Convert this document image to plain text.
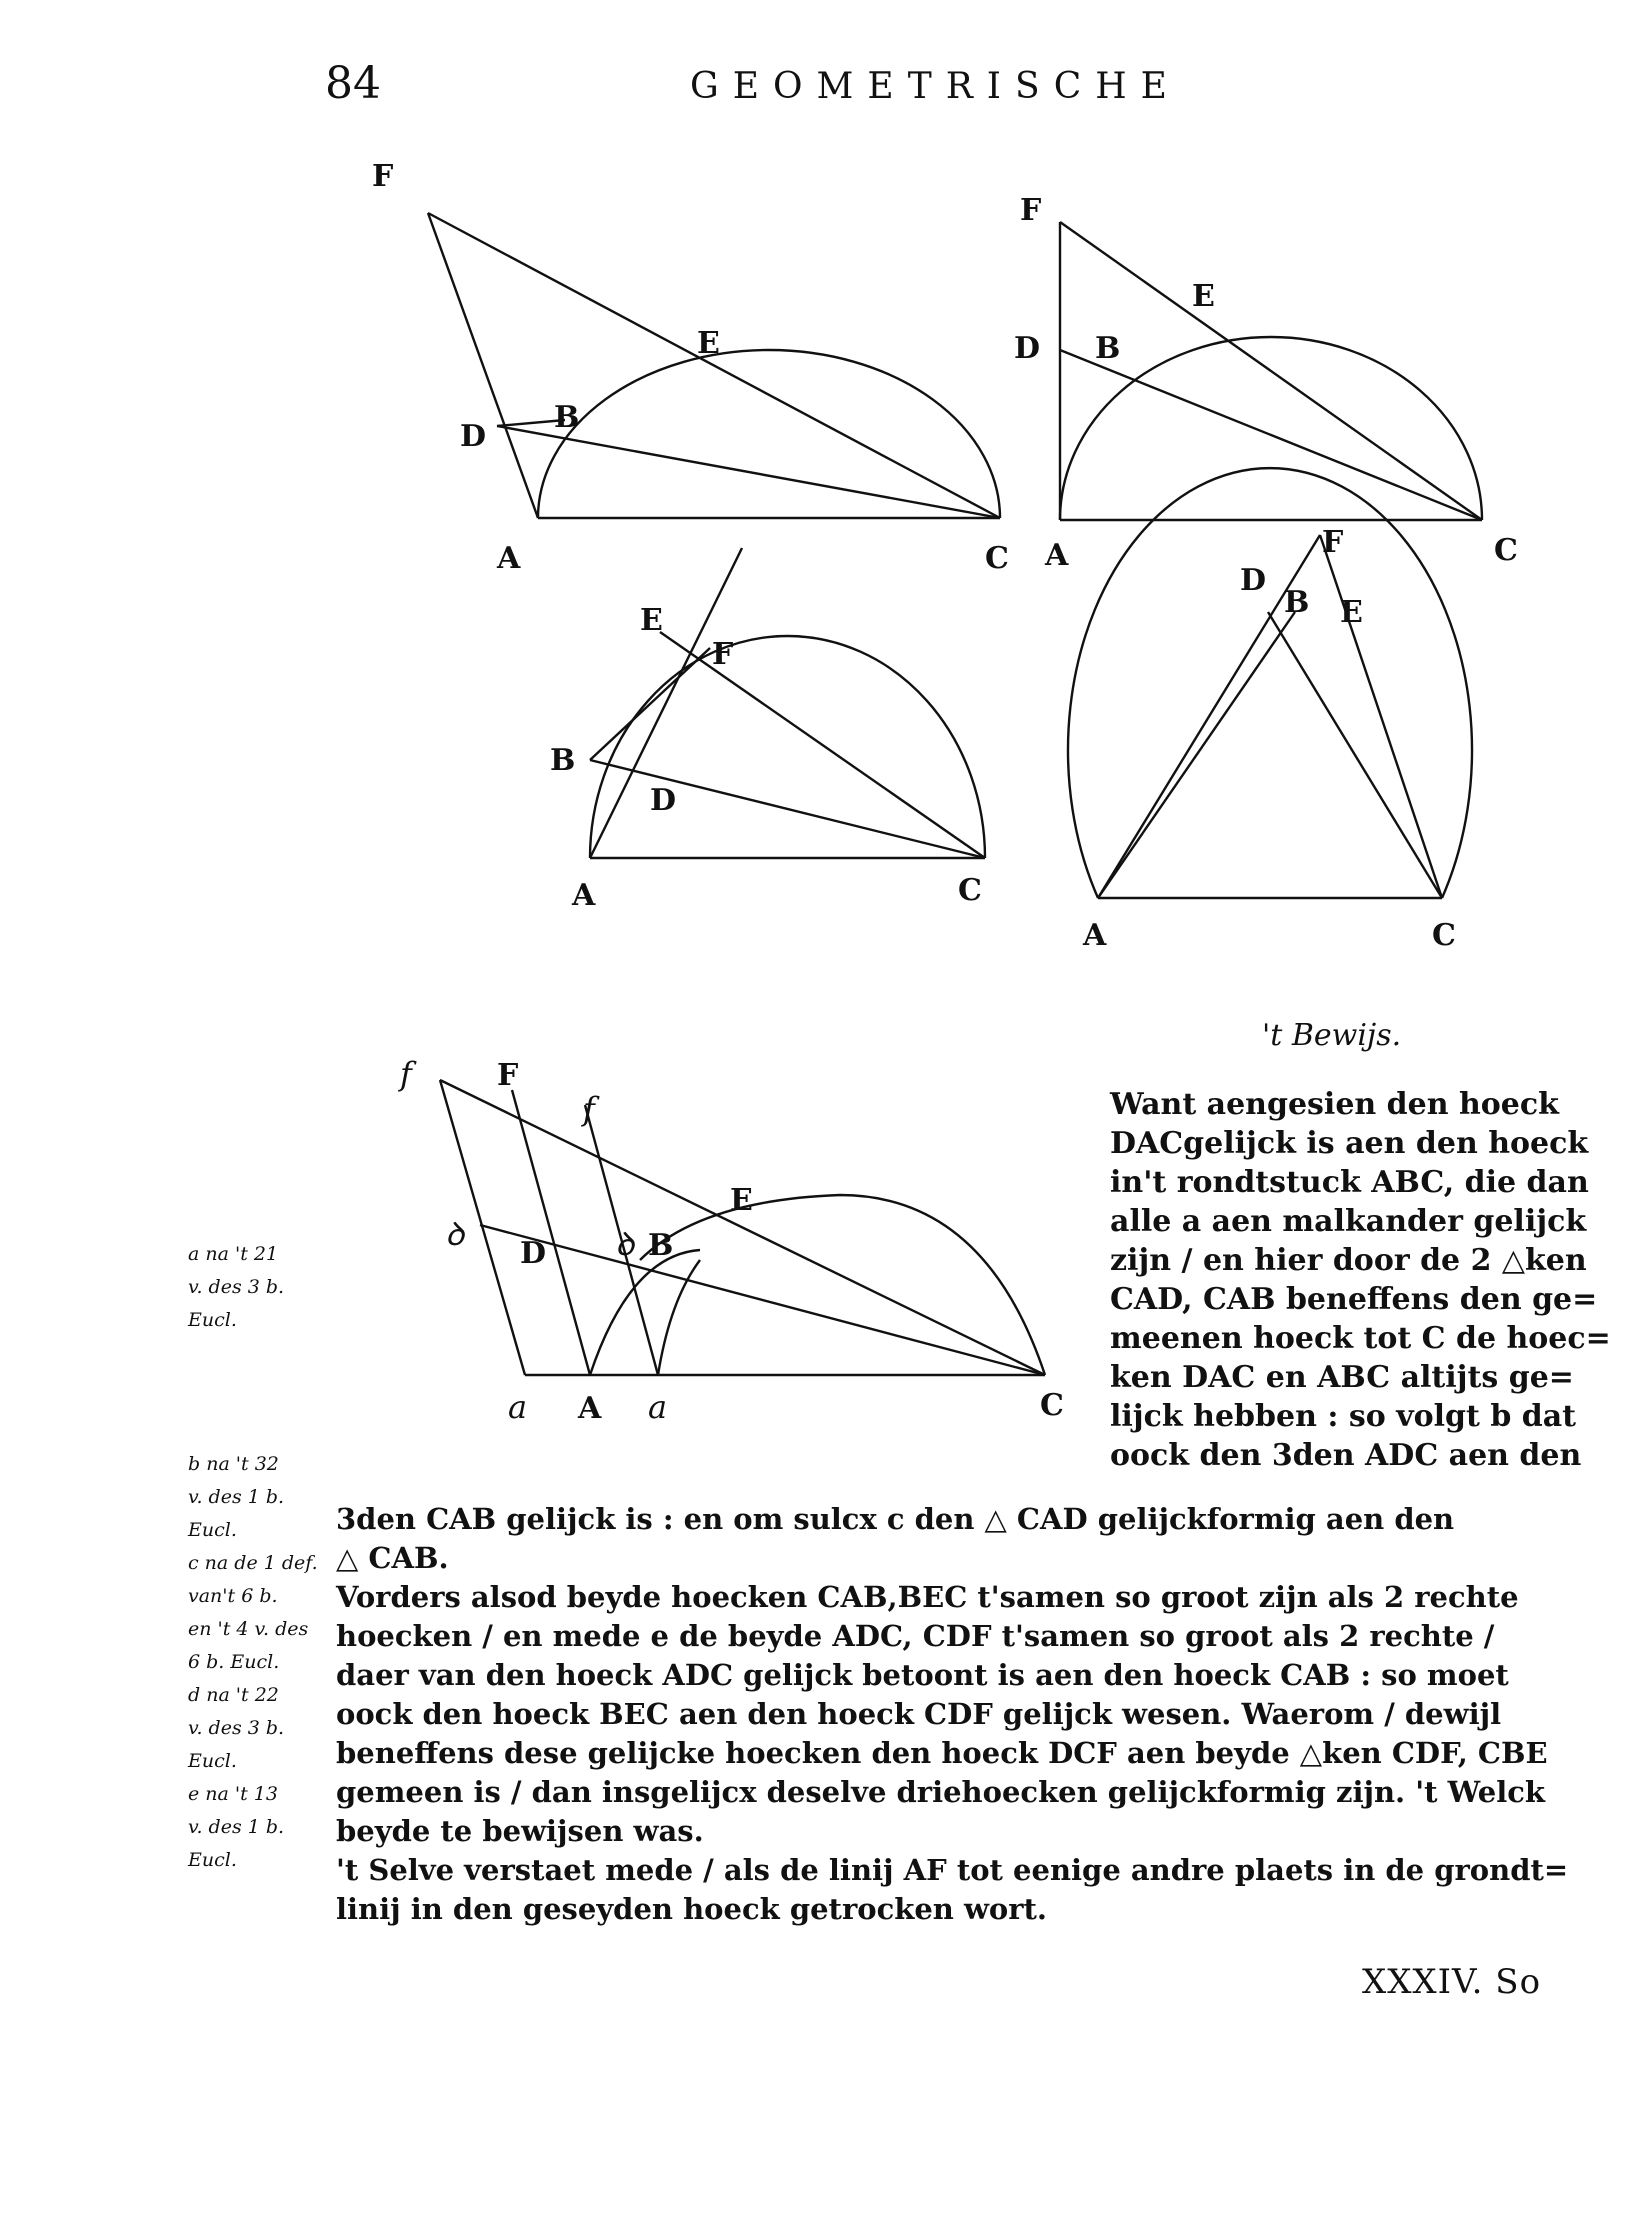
84	GEOMETRISCHE
F
E
D
B
A	C
F
E
D B
A	C
E
F
B
D
A	C
F
D
B E
A	C
f	F
f
E
ꝺ
D ꝺ B
a A a	C
't Bewijs.
Want aengesien den hoeck
DACgelijck is aen den hoeck
in't rondtstuck ABC, die dan
alle a aen malkander gelijck
zijn / en hier door de 2 △ken
CAD, CAB beneffens den ge=
meenen hoeck tot C de hoec=
ken DAC en ABC altijts ge=
lijck hebben : so volgt b dat
oock den 3den ADC aen den
3den CAB gelijck is : en om sulcx c den △ CAD gelijckformig aen den
△ CAB.
Vorders alsod beyde hoecken CAB,BEC t'samen so groot zijn als 2 rechte
hoecken / en mede e de beyde ADC, CDF t'samen so groot als 2 rechte /
daer van den hoeck ADC gelijck betoont is aen den hoeck CAB : so moet
oock den hoeck BEC aen den hoeck CDF gelijck wesen. Waerom / dewijl
beneffens dese gelijcke hoecken den hoeck DCF aen beyde △ken CDF, CBE
gemeen is / dan insgelijcx deselve driehoecken gelijckformig zijn. 't Welck
beyde te bewijsen was.
't Selve verstaet mede / als de linij AF tot eenige andre plaets in de grondt=
linij in den geseyden hoeck getrocken wort.
a na 't 21
v. des 3 b.
Eucl.
b na 't 32
v. des 1 b.
Eucl.
c na de 1 def.
van't 6 b.
en 't 4 v. des
6 b. Eucl.
d na 't 22
v. des 3 b.
Eucl.
e na 't 13
v. des 1 b.
Eucl.
XXXIV. So
